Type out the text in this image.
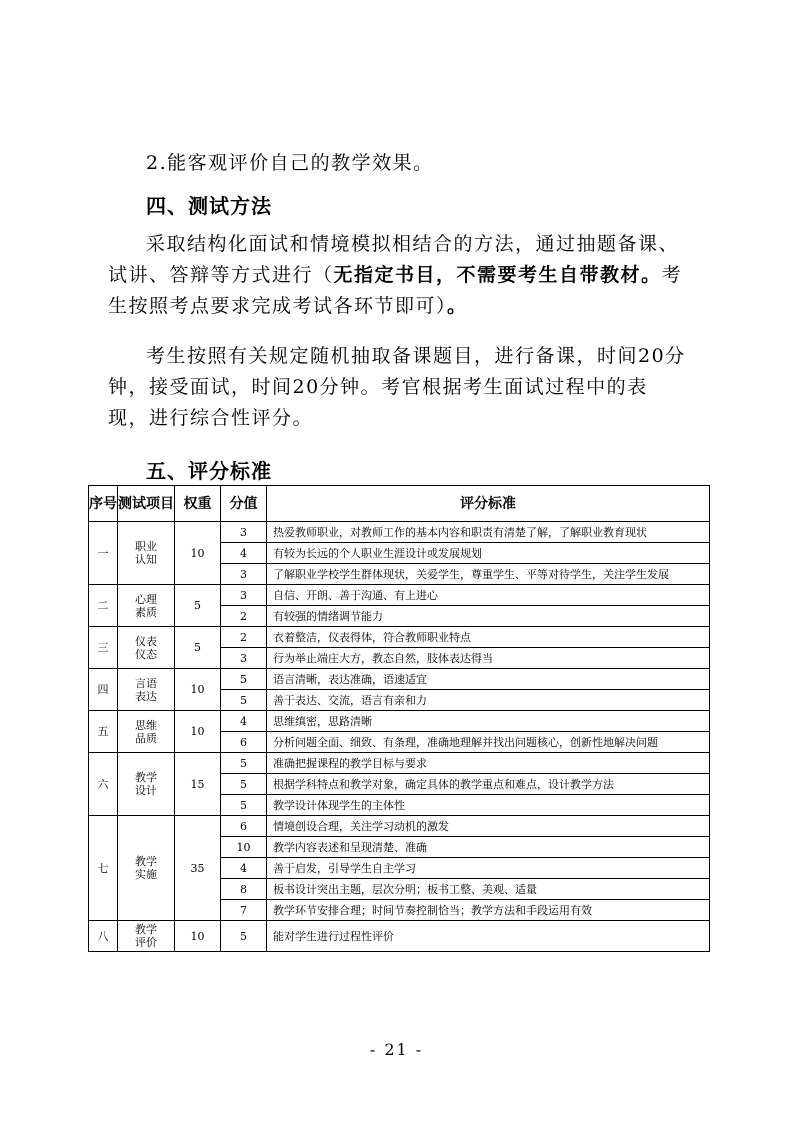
2.能客观评价自己的教学效果。

四、测试方法

采取结构化面试和情境模拟相结合的方法，通过抽题备课、试讲、答辩等方式进行（无指定书目，不需要考生自带教材。考生按照考点要求完成考试各环节即可）。

考生按照有关规定随机抽取备课题目，进行备课，时间20分钟，接受面试，时间20分钟。考官根据考生面试过程中的表现，进行综合性评分。

五、评分标准

序号	测试项目	权重	分值	评分标准
一	职业认知	10	3	热爱教师职业，对教师工作的基本内容和职责有清楚了解，了解职业教育现状
			4	有较为长远的个人职业生涯设计或发展规划
			3	了解职业学校学生群体现状，关爱学生，尊重学生、平等对待学生，关注学生发展
二	心理素质	5	3	自信、开朗、善于沟通、有上进心
			2	有较强的情绪调节能力
三	仪表仪态	5	2	衣着整洁，仪表得体，符合教师职业特点
			3	行为举止端庄大方，教态自然，肢体表达得当
四	言语表达	10	5	语言清晰，表达准确，语速适宜
			5	善于表达、交流，语言有亲和力
五	思维品质	10	4	思维缜密，思路清晰
			6	分析问题全面、细致、有条理，准确地理解并找出问题核心，创新性地解决问题
六	教学设计	15	5	准确把握课程的教学目标与要求
			5	根据学科特点和教学对象，确定具体的教学重点和难点，设计教学方法
			5	教学设计体现学生的主体性
七	教学实施	35	6	情境创设合理，关注学习动机的激发
			10	教学内容表述和呈现清楚、准确
			4	善于启发，引导学生自主学习
			8	板书设计突出主题，层次分明；板书工整、美观、适量
			7	教学环节安排合理；时间节奏控制恰当；教学方法和手段运用有效
八	教学评价	10	5	能对学生进行过程性评价
- 21 -
